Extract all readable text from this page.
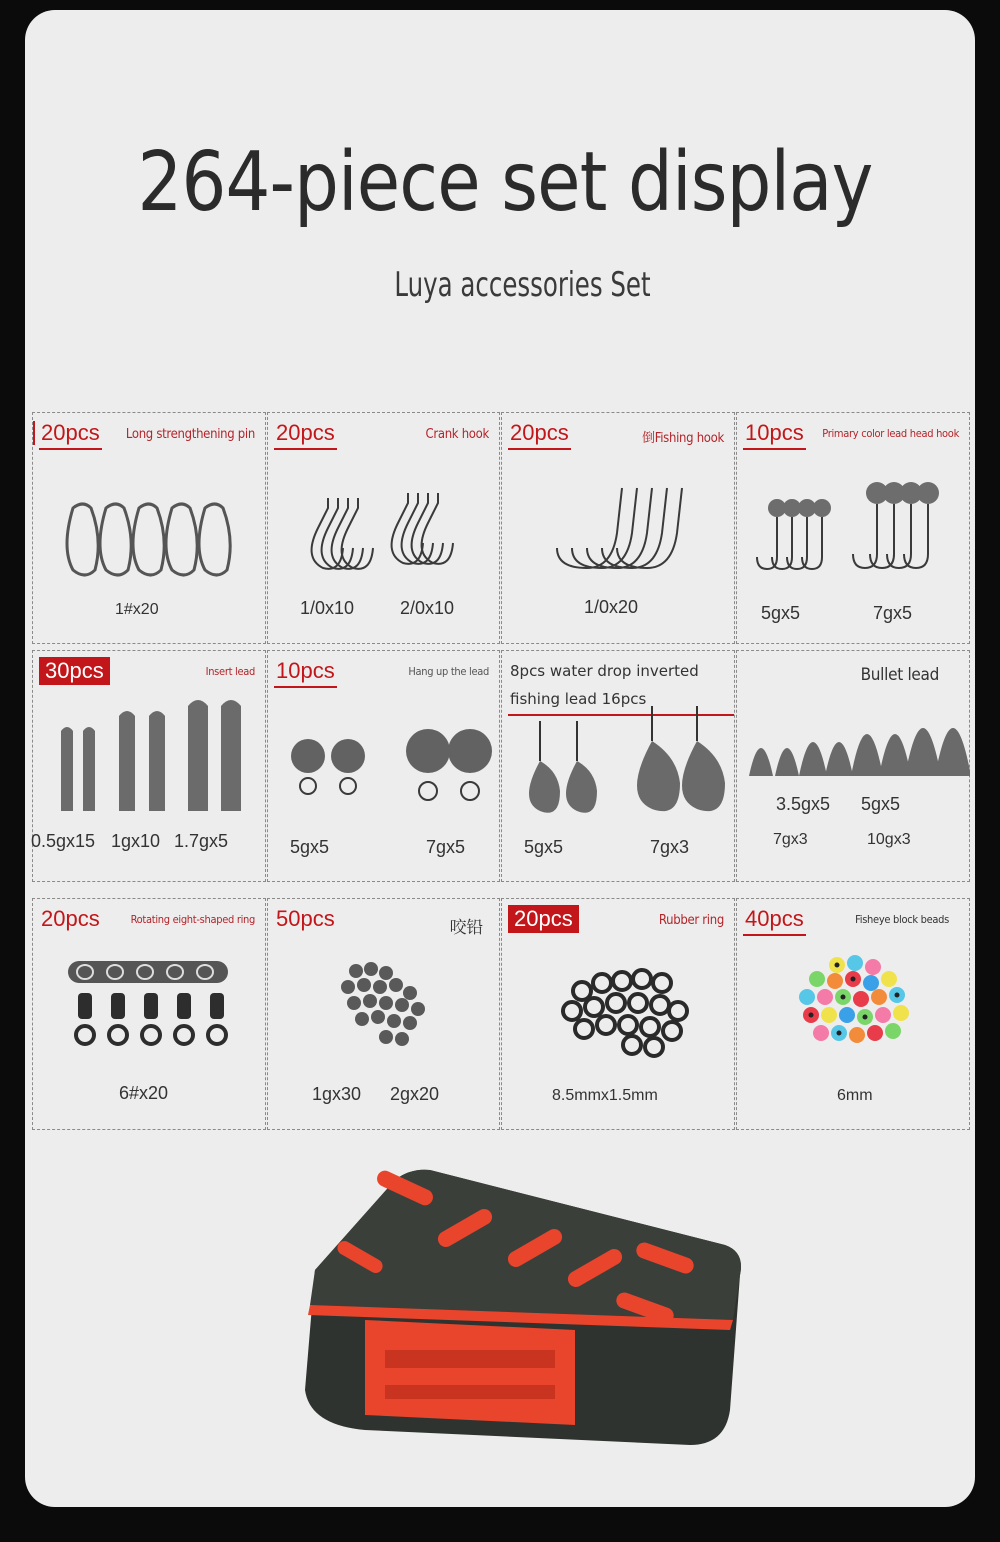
264-piece set display
Luya accessories Set
20pcs Long strengthening pin
1#x20
20pcs	Crank hook
1/0x10	2/0x10
20pcs	倒Fishing hook
1/0x20
10pcs Primary color lead head hook
5gx5	7gx5
30pcs	Insert lead
0.5gx15 1gx10 1.7gx5
10pcs	Hang up the lead
5gx5	7gx5
8pcs water drop inverted fishing lead 16pcs
5gx5	7gx3
Bullet lead
3.5gx5 5gx5
7gx3	10gx3
20pcs	Rotating eight-shaped ring
6#x20
50pcs	咬铅
1gx30 2gx20
20pcs	Rubber ring
8.5mmx1.5mm
40pcs	Fisheye block beads
6mm
